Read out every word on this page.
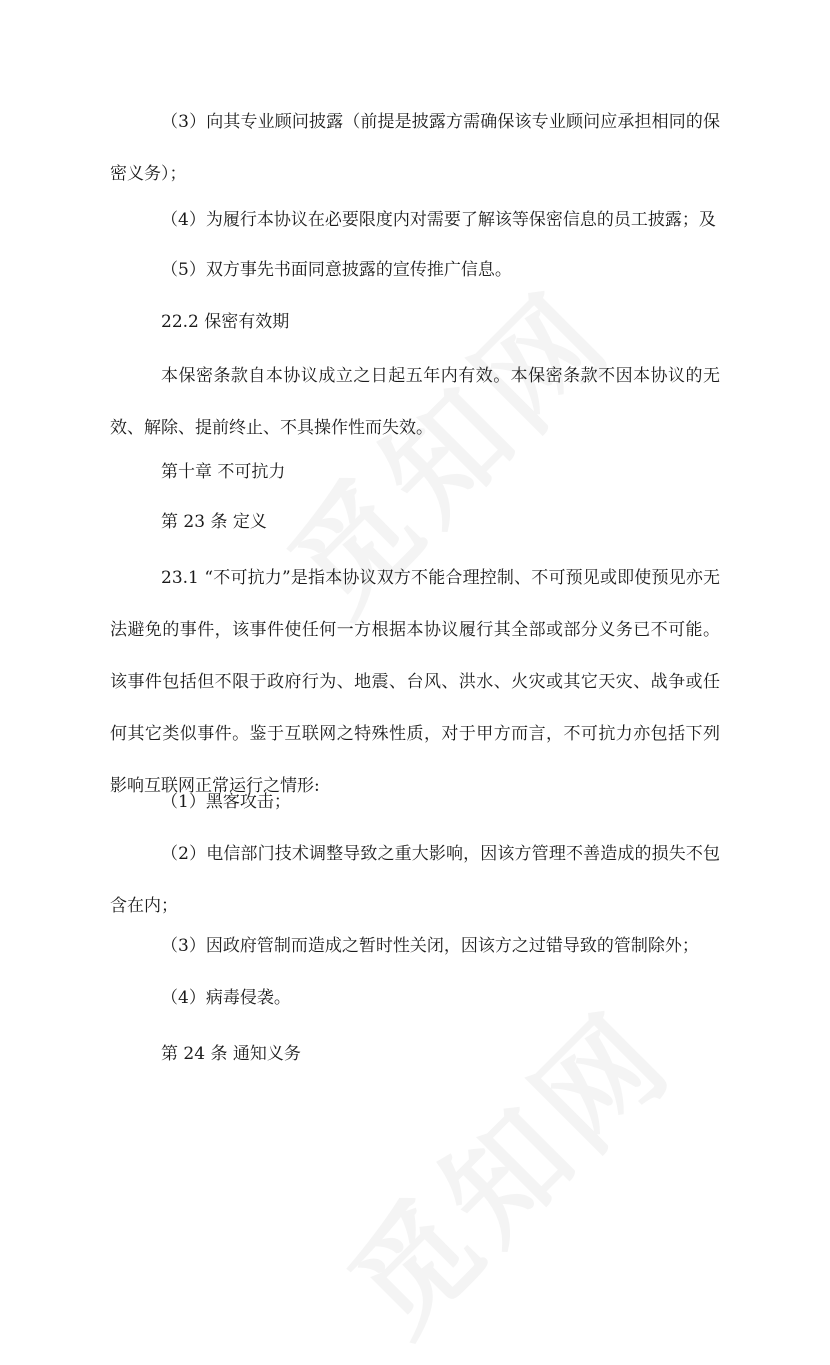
（3）向其专业顾问披露（前提是披露方需确保该专业顾问应承担相同的保密义务）；

（4）为履行本协议在必要限度内对需要了解该等保密信息的员工披露；及

（5）双方事先书面同意披露的宣传推广信息。

22.2 保密有效期

本保密条款自本协议成立之日起五年内有效。本保密条款不因本协议的无效、解除、提前终止、不具操作性而失效。

第十章 不可抗力

第 23 条 定义

23.1 “不可抗力”是指本协议双方不能合理控制、不可预见或即使预见亦无法避免的事件，该事件使任何一方根据本协议履行其全部或部分义务已不可能。该事件包括但不限于政府行为、地震、台风、洪水、火灾或其它天灾、战争或任何其它类似事件。鉴于互联网之特殊性质，对于甲方而言，不可抗力亦包括下列影响互联网正常运行之情形:

（1）黑客攻击；

（2）电信部门技术调整导致之重大影响，因该方管理不善造成的损失不包含在内；

（3）因政府管制而造成之暂时性关闭，因该方之过错导致的管制除外；

（4）病毒侵袭。

第 24 条 通知义务
